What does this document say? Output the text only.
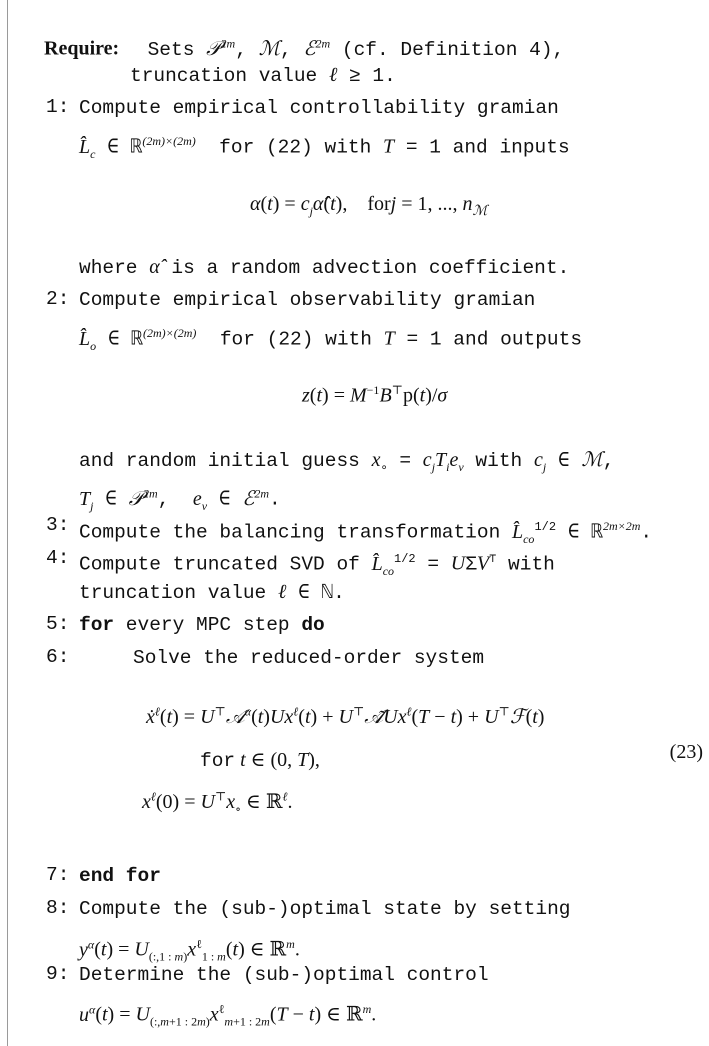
Require:   Sets 𝒫$^{2m}$, ℳ, ℰ$^{2m}$ (cf. Definition 4),
truncation value ℓ ≥ 1.
1: Compute empirical controllability gramian
$L̂_c$ ∈ ℝ$^{(2m)\times(2m)}$  for (22) with T = 1 and inputs
$\alpha(t) = c_j\alphâ(t)$,    forj = 1, ..., $n_ℳ$
where α̂ is a random advection coefficient.
2: Compute empirical observability gramian
$L̂_o$ ∈ ℝ$^{(2m)\times(2m)}$  for (22) with T = 1 and outputs
$z(t) = M^{-1}B^⊤p(t)/\sigma$
and random initial guess $x_\circ = c_jT_ie_\nu$ with $c_j$ ∈ ℳ,
$T_j$ ∈ 𝒫$^{2m}$,  $e_\nu$ ∈ ℰ$^{2m}$.
3: Compute the balancing transformation $L̂_{co}^{1/2}$ ∈ ℝ$^{2m\times 2m}$.
4: Compute truncated SVD of $L̂_{co}^{1/2} = U\Sigma V^⊤$ with
truncation value ℓ ∈ ℕ.
5: for every MPC step do
6:	Solve the reduced-order system
ẋ$^\ell$(t) = $U^⊤𝒜^\alpha(t)Ux^\ell(t)$ + $U^⊤𝒜̃Ux^\ell(T - t)$ + U⊤ℱ(t)
for t ∈ (0, T),	(23)
$x^\ell(0) = U^⊤x_\circ$ ∈ ℝ$^\ell$.
7: end for
8: Compute the (sub-)optimal state by setting
$y^\alpha(t) = U_{(:,1 : m)}x^\ell_{1 : m}(t)$ ∈ ℝ$^m$.
9: Determine the (sub-)optimal control
$u^\alpha(t) = U_{(:,m+1 : 2m)}x^\ell_{m+1 : 2m}(T - t)$ ∈ ℝ$^m$.
